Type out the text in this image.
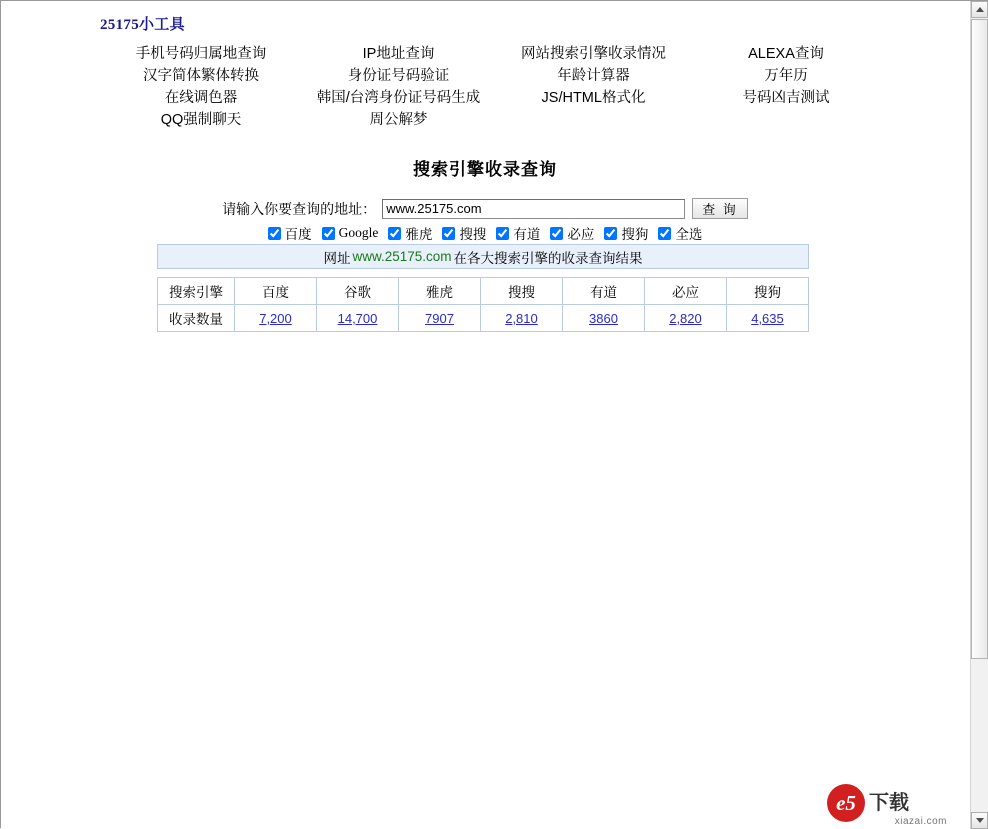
25175小工具
手机号码归属地查询
汉字简体繁体转换
在线调色器
QQ强制聊天
IP地址查询
身份证号码验证
韩国/台湾身份证号码生成
周公解梦
网站搜索引擎收录情况
年龄计算器
JS/HTML格式化
ALEXA查询
万年历
号码凶吉测试
搜索引擎收录查询
请输入你要查询的地址：
www.25175.com	查 询
百度 Google 雅虎 搜搜 有道 必应 搜狗 全选
网址 www.25175.com 在各大搜索引擎的收录查询结果
搜索引擎	百度	谷歌	雅虎	搜搜	有道	必应	搜狗
收录数量	7,200	14,700	7907	2,810	3860	2,820	4,635
e5 下载
xiazai.com
